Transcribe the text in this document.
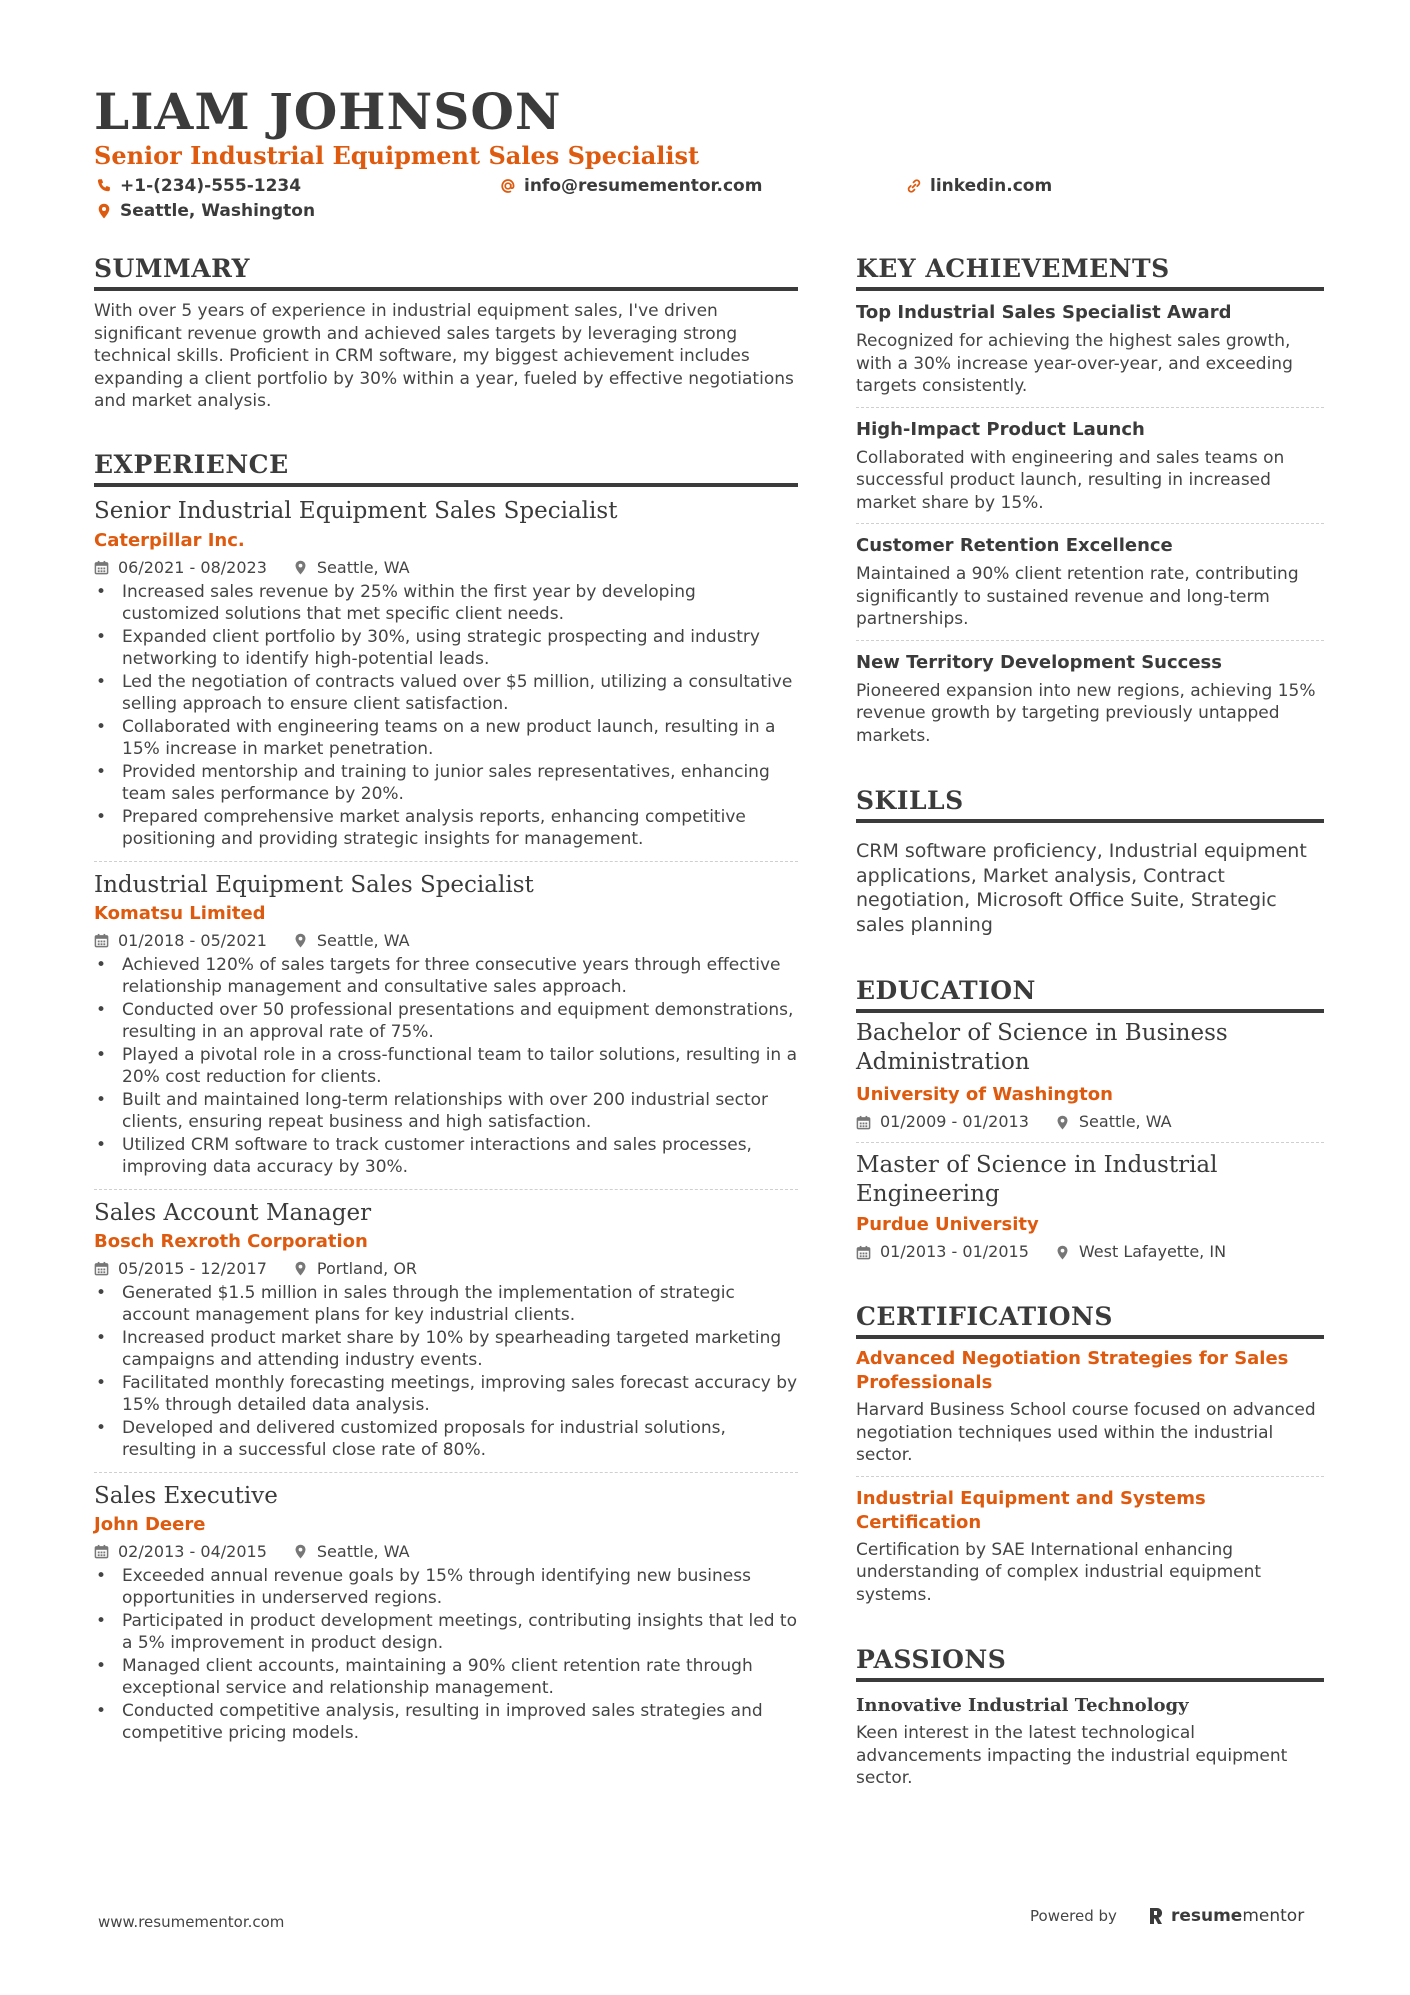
LIAM JOHNSON
Senior Industrial Equipment Sales Specialist
+1-(234)-555-1234	info@resumementor.com	linkedin.com
Seattle, Washington
SUMMARY
With over 5 years of experience in industrial equipment sales, I've driven significant revenue growth and achieved sales targets by leveraging strong technical skills. Proficient in CRM software, my biggest achievement includes expanding a client portfolio by 30% within a year, fueled by effective negotiations and market analysis.
EXPERIENCE
Senior Industrial Equipment Sales Specialist
Caterpillar Inc.
06/2021 - 08/2023	Seattle, WA
• Increased sales revenue by 25% within the first year by developing customized solutions that met specific client needs.
• Expanded client portfolio by 30%, using strategic prospecting and industry networking to identify high-potential leads.
• Led the negotiation of contracts valued over $5 million, utilizing a consultative selling approach to ensure client satisfaction.
• Collaborated with engineering teams on a new product launch, resulting in a 15% increase in market penetration.
• Provided mentorship and training to junior sales representatives, enhancing team sales performance by 20%.
• Prepared comprehensive market analysis reports, enhancing competitive positioning and providing strategic insights for management.
Industrial Equipment Sales Specialist
Komatsu Limited
01/2018 - 05/2021	Seattle, WA
• Achieved 120% of sales targets for three consecutive years through effective relationship management and consultative sales approach.
• Conducted over 50 professional presentations and equipment demonstrations, resulting in an approval rate of 75%.
• Played a pivotal role in a cross-functional team to tailor solutions, resulting in a 20% cost reduction for clients.
• Built and maintained long-term relationships with over 200 industrial sector clients, ensuring repeat business and high satisfaction.
• Utilized CRM software to track customer interactions and sales processes, improving data accuracy by 30%.
Sales Account Manager
Bosch Rexroth Corporation
05/2015 - 12/2017	Portland, OR
• Generated $1.5 million in sales through the implementation of strategic account management plans for key industrial clients.
• Increased product market share by 10% by spearheading targeted marketing campaigns and attending industry events.
• Facilitated monthly forecasting meetings, improving sales forecast accuracy by 15% through detailed data analysis.
• Developed and delivered customized proposals for industrial solutions, resulting in a successful close rate of 80%.
Sales Executive
John Deere
02/2013 - 04/2015	Seattle, WA
• Exceeded annual revenue goals by 15% through identifying new business opportunities in underserved regions.
• Participated in product development meetings, contributing insights that led to a 5% improvement in product design.
• Managed client accounts, maintaining a 90% client retention rate through exceptional service and relationship management.
• Conducted competitive analysis, resulting in improved sales strategies and competitive pricing models.
KEY ACHIEVEMENTS
Top Industrial Sales Specialist Award
Recognized for achieving the highest sales growth, with a 30% increase year-over-year, and exceeding targets consistently.
High-Impact Product Launch
Collaborated with engineering and sales teams on successful product launch, resulting in increased market share by 15%.
Customer Retention Excellence
Maintained a 90% client retention rate, contributing significantly to sustained revenue and long-term partnerships.
New Territory Development Success
Pioneered expansion into new regions, achieving 15% revenue growth by targeting previously untapped markets.
SKILLS
CRM software proficiency, Industrial equipment applications, Market analysis, Contract negotiation, Microsoft Office Suite, Strategic sales planning
EDUCATION
Bachelor of Science in Business Administration
University of Washington
01/2009 - 01/2013	Seattle, WA
Master of Science in Industrial Engineering
Purdue University
01/2013 - 01/2015	West Lafayette, IN
CERTIFICATIONS
Advanced Negotiation Strategies for Sales Professionals
Harvard Business School course focused on advanced negotiation techniques used within the industrial sector.
Industrial Equipment and Systems Certification
Certification by SAE International enhancing understanding of complex industrial equipment systems.
PASSIONS
Innovative Industrial Technology
Keen interest in the latest technological advancements impacting the industrial equipment sector.
www.resumementor.com	Powered by	resume mentor
